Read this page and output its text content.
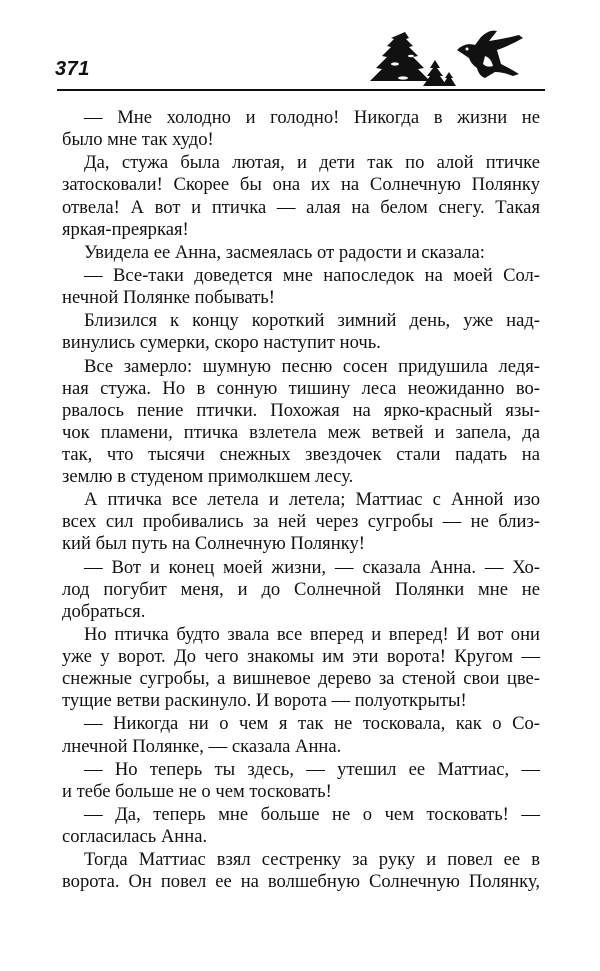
371
— Мне холодно и голодно! Никогда в жизни не
было мне так худо!
Да, стужа была лютая, и дети так по алой птичке
затосковали! Скорее бы она их на Солнечную Полянку
отвела! А вот и птичка — алая на белом снегу. Такая
яркая-преяркая!
Увидела ее Анна, засмеялась от радости и сказала:
— Все-таки доведется мне напоследок на моей Сол-
нечной Полянке побывать!
Близился к концу короткий зимний день, уже над-
винулись сумерки, скоро наступит ночь.
Все замерло: шумную песню сосен придушила ледя-
ная стужа. Но в сонную тишину леса неожиданно во-
рвалось пение птички. Похожая на ярко-красный язы-
чок пламени, птичка взлетела меж ветвей и запела, да
так, что тысячи снежных звездочек стали падать на
землю в студеном примолкшем лесу.
А птичка все летела и летела; Маттиас с Анной изо
всех сил пробивались за ней через сугробы — не близ-
кий был путь на Солнечную Полянку!
— Вот и конец моей жизни, — сказала Анна. — Хо-
лод погубит меня, и до Солнечной Полянки мне не
добраться.
Но птичка будто звала все вперед и вперед! И вот они
уже у ворот. До чего знакомы им эти ворота! Кругом —
снежные сугробы, а вишневое дерево за стеной свои цве-
тущие ветви раскинуло. И ворота — полуоткрыты!
— Никогда ни о чем я так не тосковала, как о Со-
лнечной Полянке, — сказала Анна.
— Но теперь ты здесь, — утешил ее Маттиас, —
и тебе больше не о чем тосковать!
— Да, теперь мне больше не о чем тосковать! —
согласилась Анна.
Тогда Маттиас взял сестренку за руку и повел ее в
ворота. Он повел ее на волшебную Солнечную Полянку,
